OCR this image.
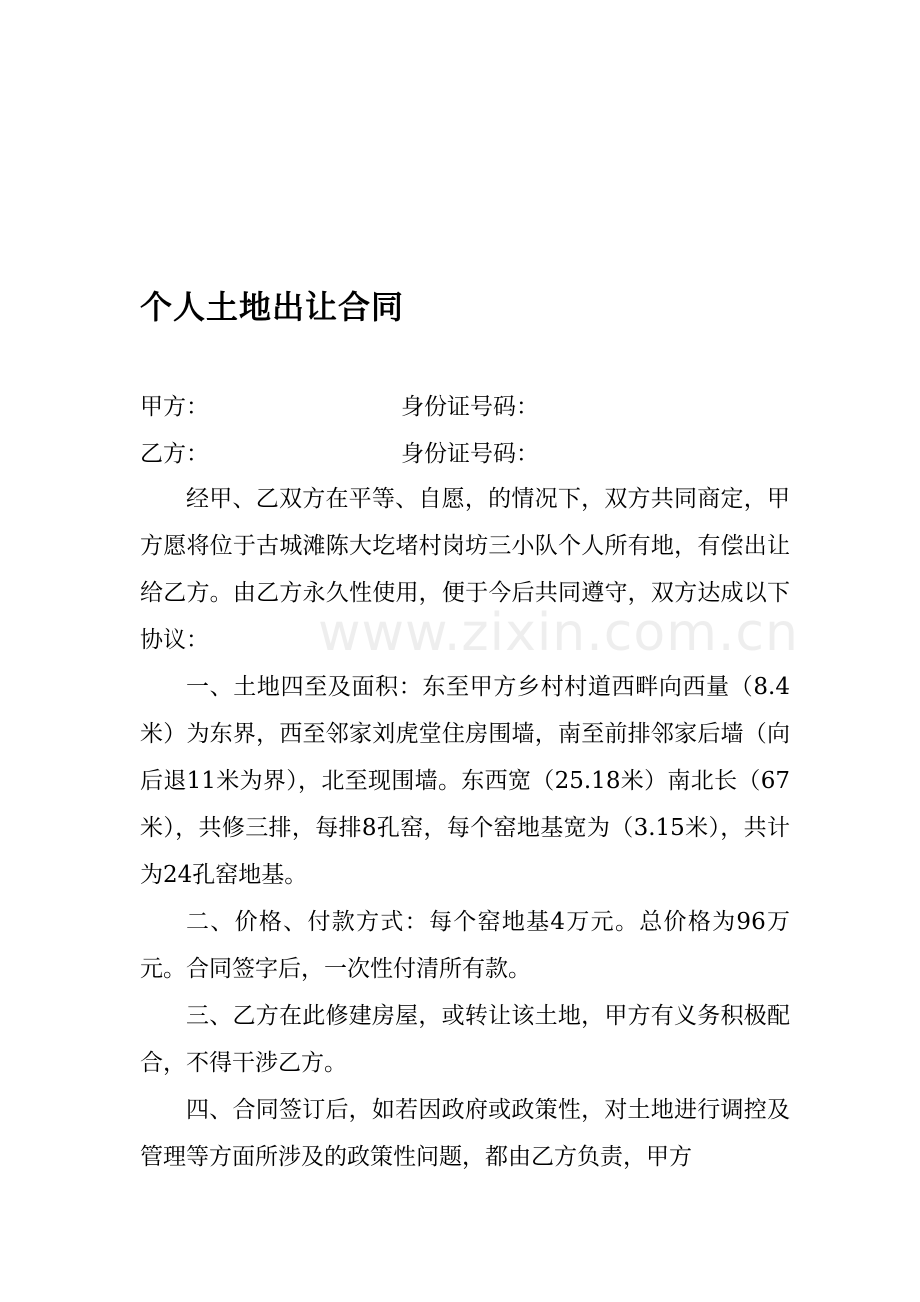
个人土地出让合同
甲方：	身份证号码：
乙方：	身份证号码：

经甲、乙双方在平等、自愿，的情况下，双方共同商定，甲方愿将位于古城滩陈大圪堵村岗坊三小队个人所有地，有偿出让给乙方。由乙方永久性使用，便于今后共同遵守，双方达成以下协议：

一、土地四至及面积：东至甲方乡村村道西畔向西量（8.4米）为东界，西至邻家刘虎堂住房围墙，南至前排邻家后墙（向后退11米为界），北至现围墙。东西宽（25.18米）南北长（67米），共修三排，每排8孔窑，每个窑地基宽为（3.15米），共计为24孔窑地基。

二、价格、付款方式：每个窑地基4万元。总价格为96万元。合同签字后，一次性付清所有款。

三、乙方在此修建房屋，或转让该土地，甲方有义务积极配合，不得干涉乙方。

四、合同签订后，如若因政府或政策性，对土地进行调控及管理等方面所涉及的政策性问题，都由乙方负责，甲方

www.zixin.com.cn
